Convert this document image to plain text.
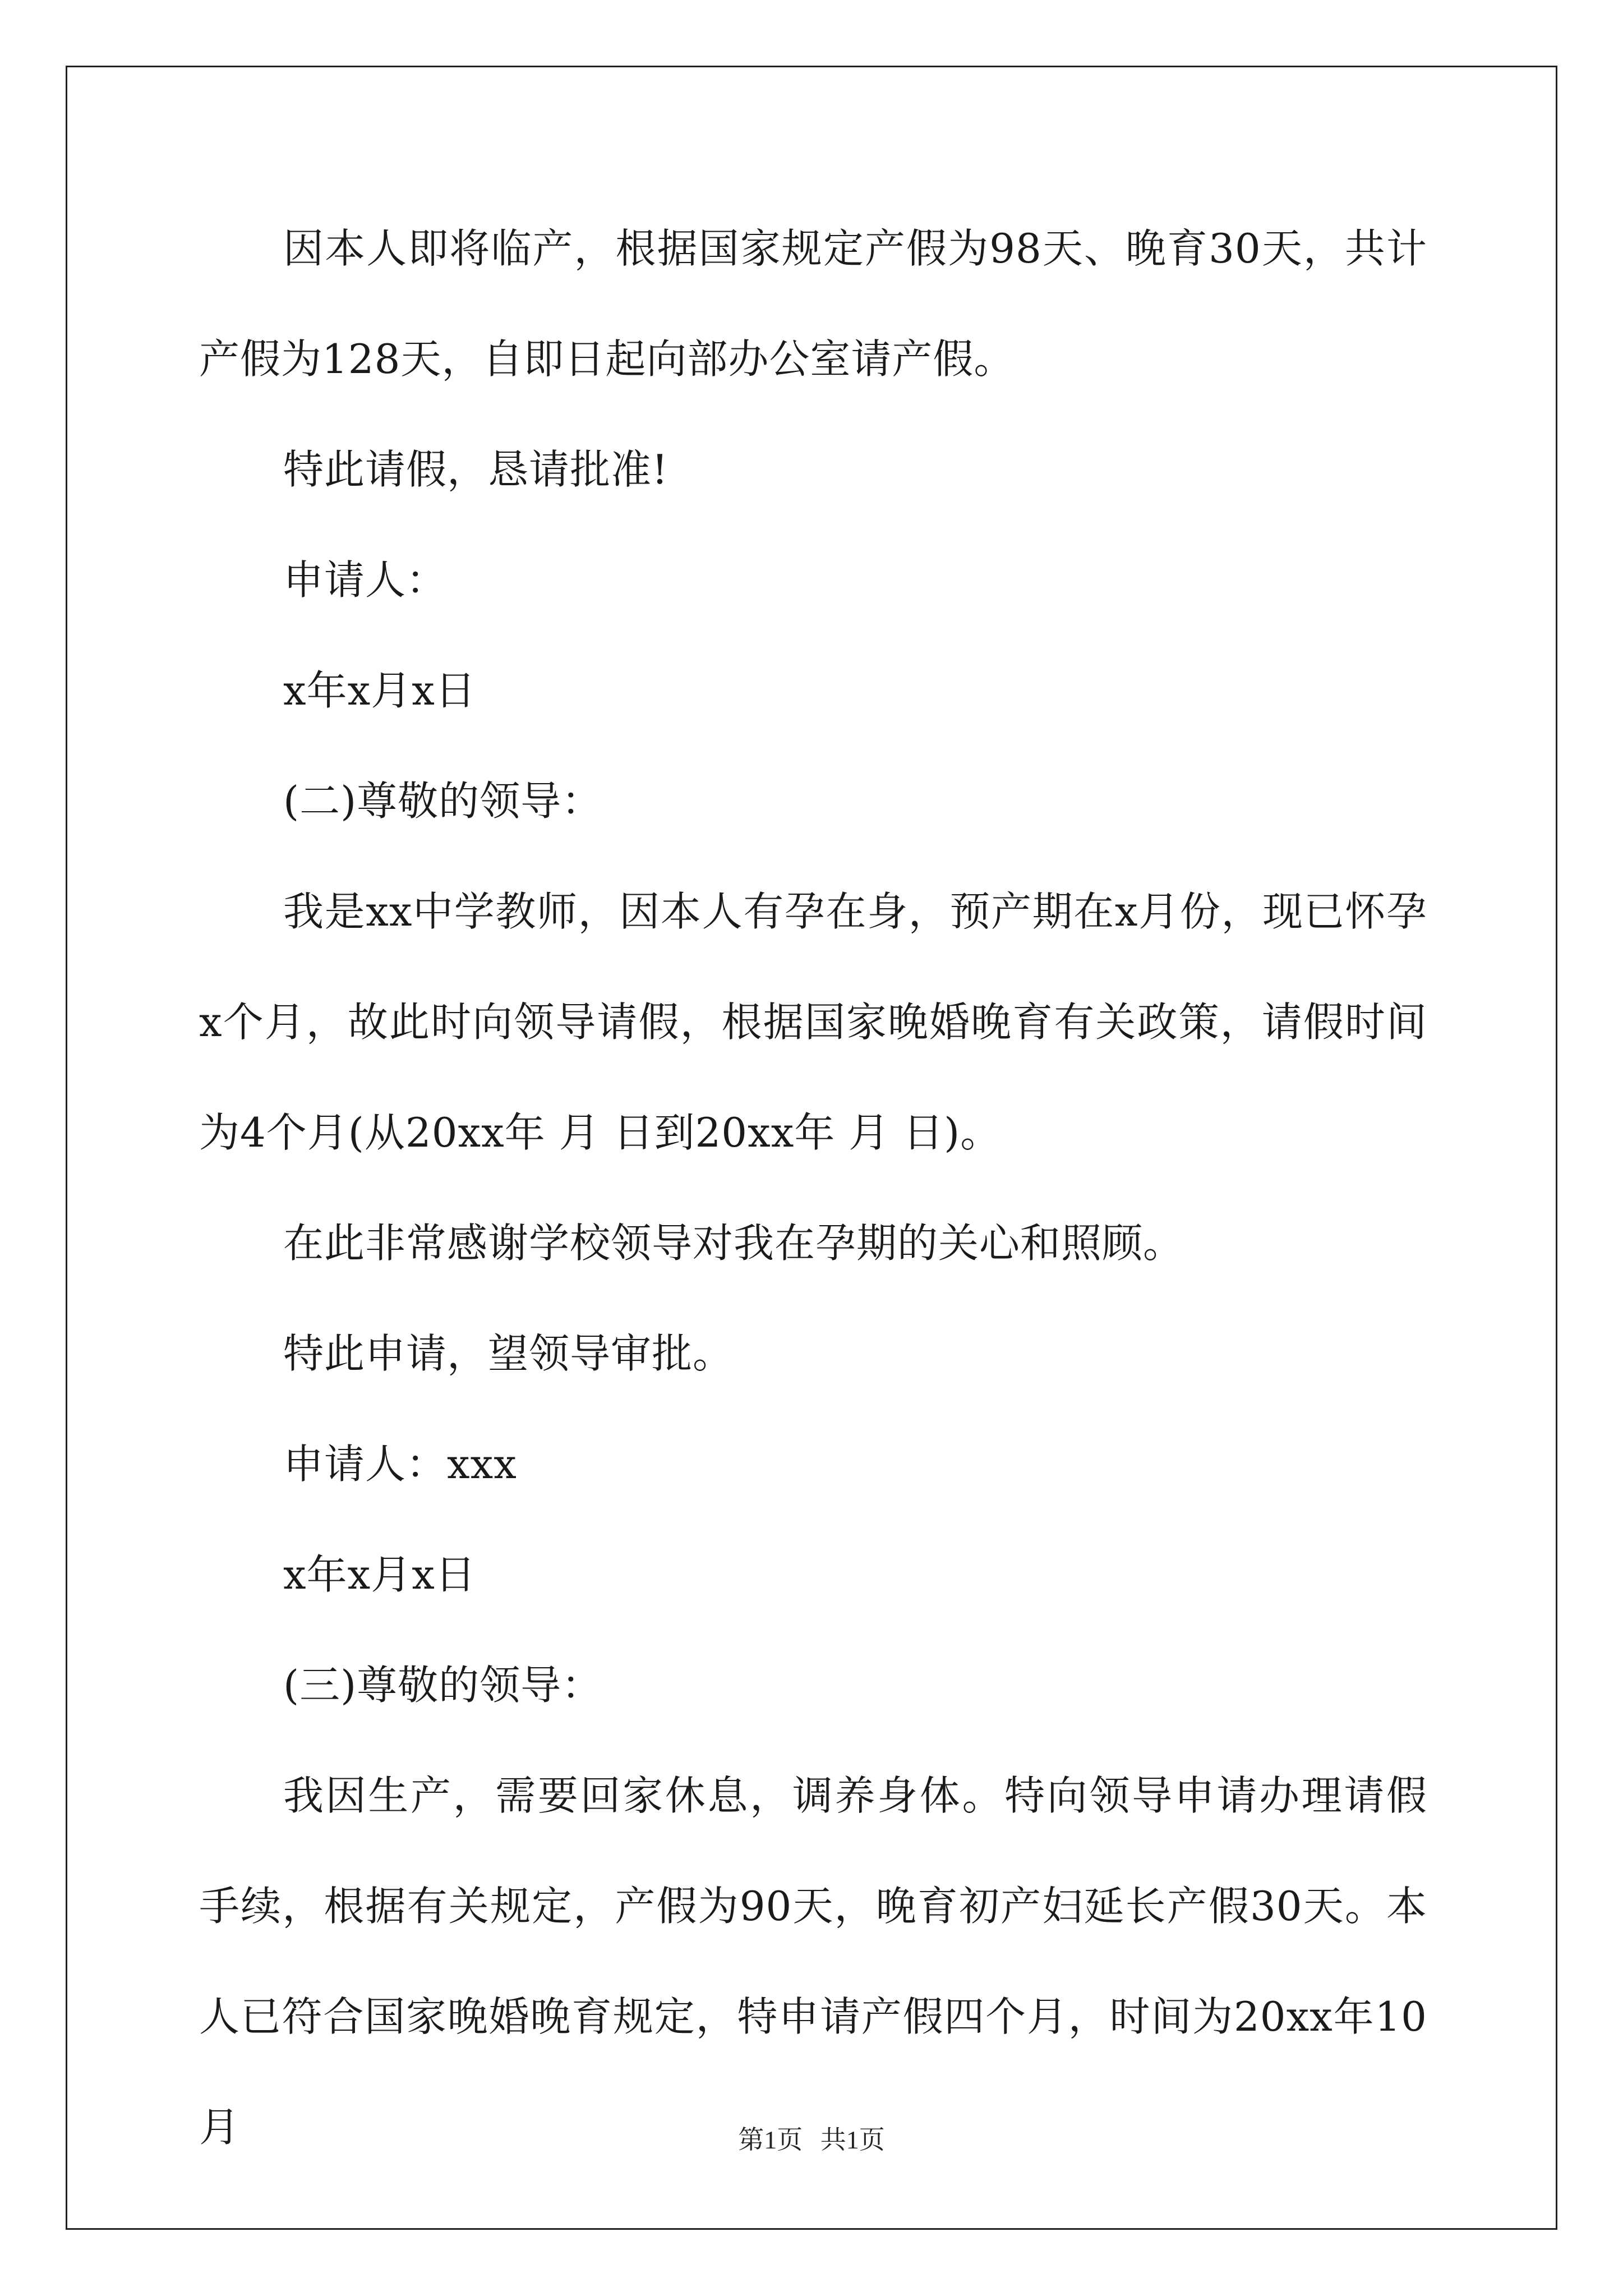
因本人即将临产，根据国家规定产假为98天、晚育30天，共计产假为128天，自即日起向部办公室请产假。

特此请假，恳请批准!

申请人：

x年x月x日

(二)尊敬的领导：

我是xx中学教师，因本人有孕在身，预产期在x月份，现已怀孕x个月，故此时向领导请假，根据国家晚婚晚育有关政策，请假时间为4个月(从20xx年 月 日到20xx年 月 日)。

在此非常感谢学校领导对我在孕期的关心和照顾。

特此申请，望领导审批。

申请人：xxx

x年x月x日

(三)尊敬的领导：

我因生产，需要回家休息，调养身体。特向领导申请办理请假手续，根据有关规定，产假为90天，晚育初产妇延长产假30天。本人已符合国家晚婚晚育规定，特申请产假四个月，时间为20xx年10月	第1页 共1页
